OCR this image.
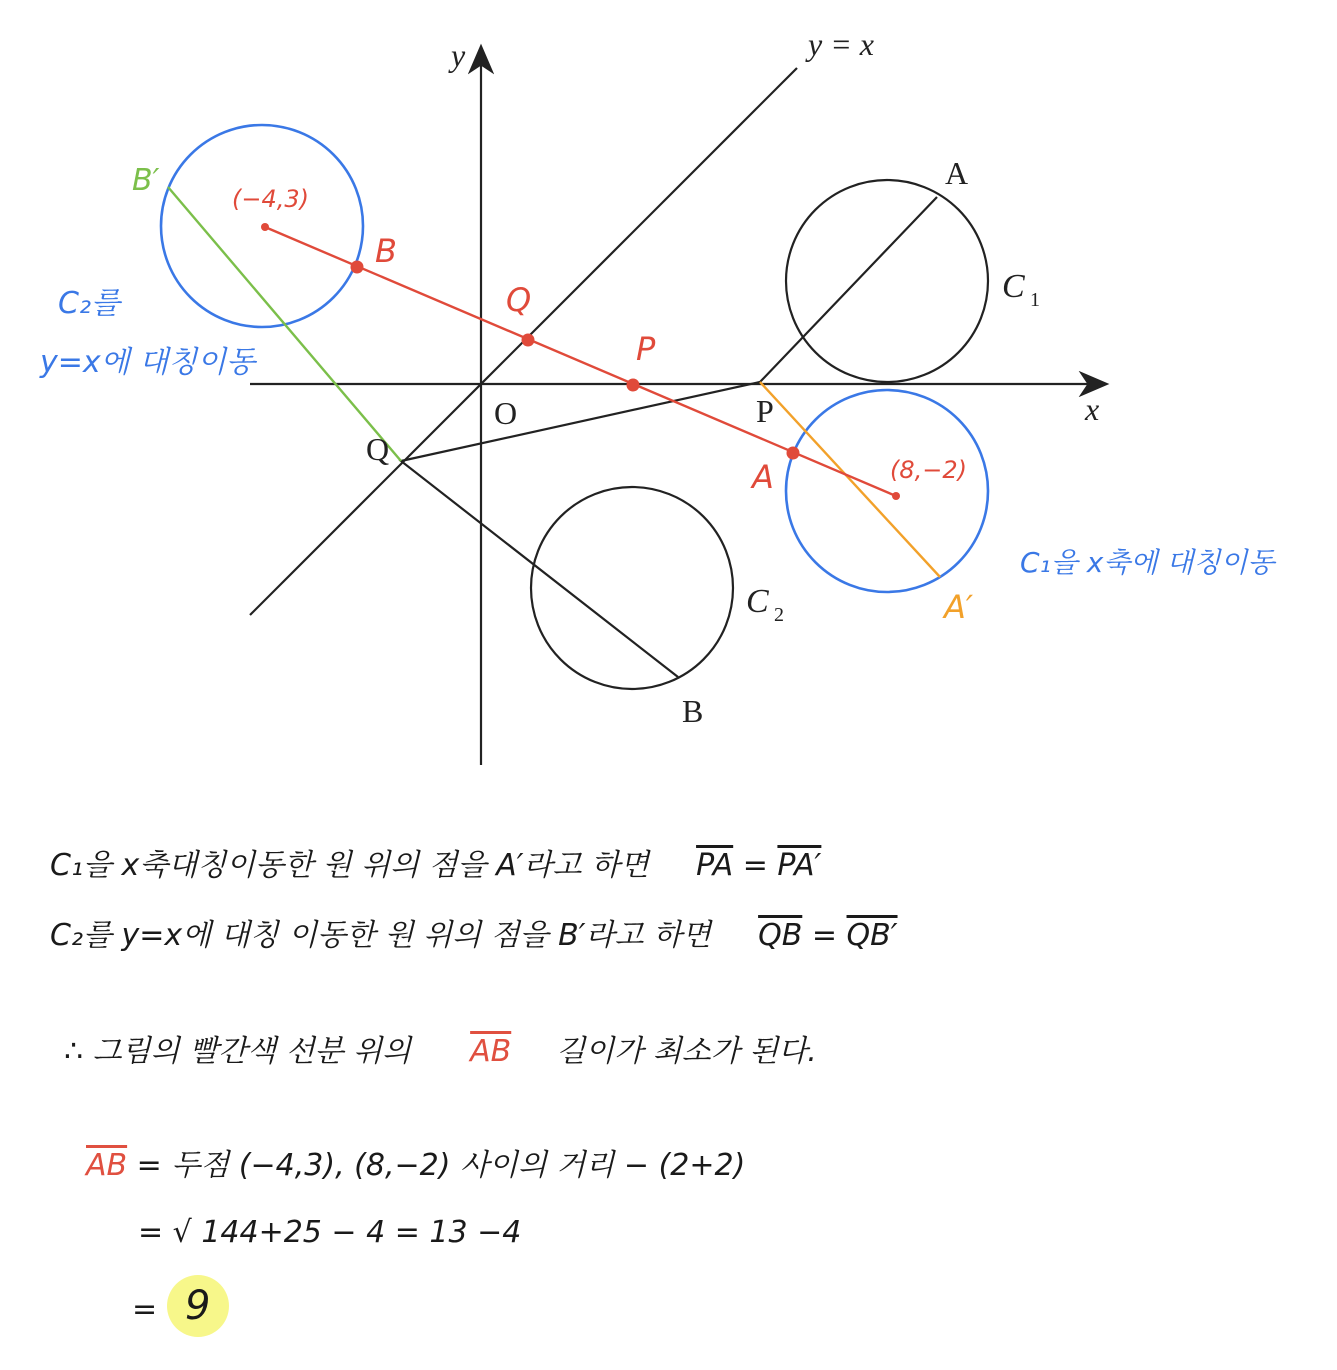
y
x
y = x
O
A
B
P
Q
C 1
C 2
B′
(−4,3)
B
Q
P
A	(8,−2)
A′
C₂를
y=x에 대칭이동
C₁을 x축에 대칭이동
C₁을 x축대칭이동한 원 위의 점을 A′라고 하면 $\overline{PA} = PA'$
C₂를 y=x에 대칭 이동한 원 위의 점을 B′라고 하면 $\overline{QB} = QB'$
∴ 그림의 빨간색 선분 위의 $\overline{AB}$ 길이가 최소가 된다.
$\overline{AB}$ = 두점 (−4,3), (8,−2) 사이의 거리 − (2+2)
= √ 144+25 − 4 = 13 −4
= 9
